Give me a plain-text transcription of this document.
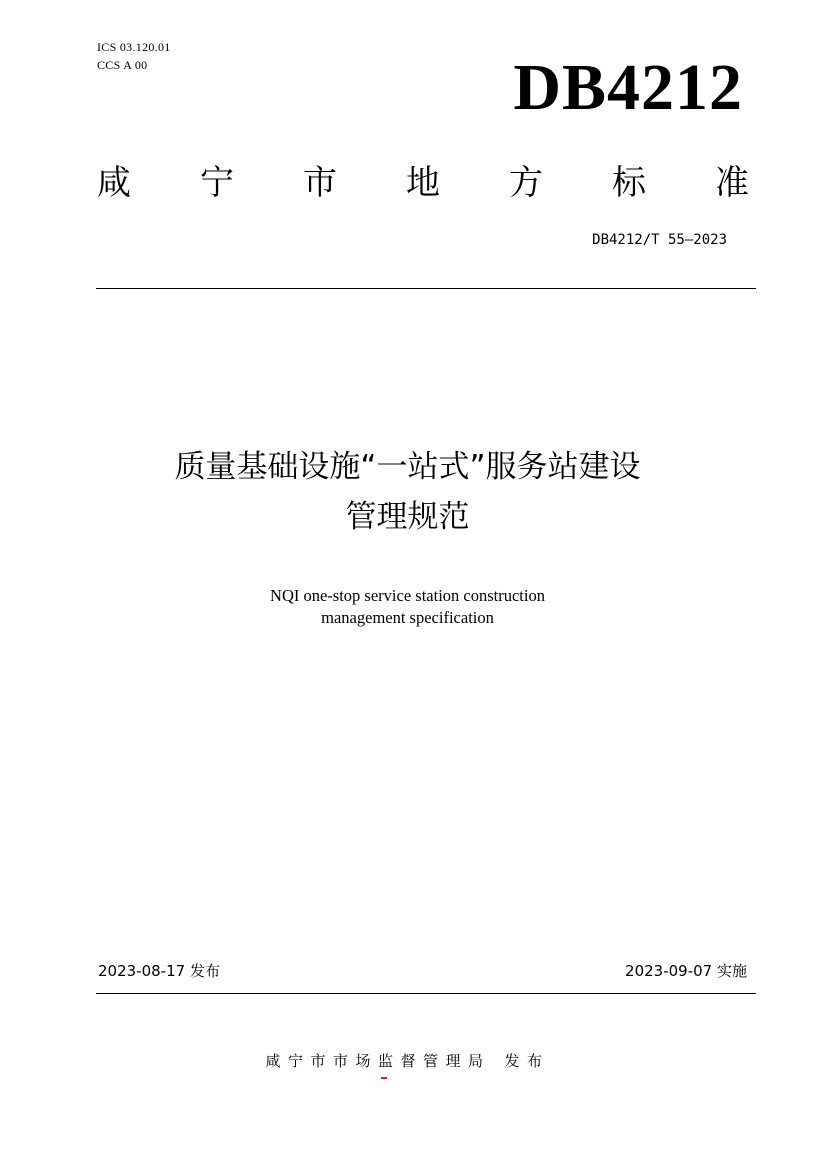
ICS 03.120.01
CCS A 00	DB4212
咸 宁 市 地 方 标 准
DB4212/T 55—2023
质量基础设施“一站式”服务站建设
管理规范
NQI one-stop service station construction
management specification
2023-08-17 发布	2023-09-07 实施
咸宁市市场监督管理局 发布
